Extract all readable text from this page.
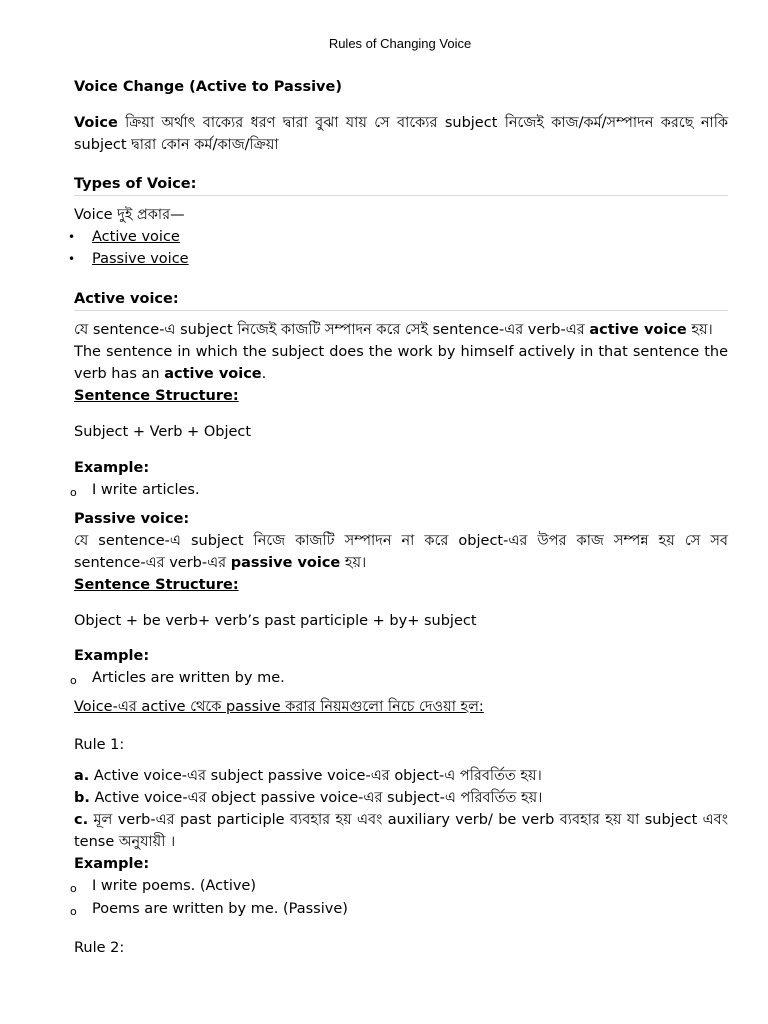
Rules of Changing Voice
Voice Change (Active to Passive)
Voice ক্রিয়া অর্থাৎ বাক্যের ধরণ দ্বারা বুঝা যায় সে বাক্যের subject নিজেই কাজ/কর্ম/সম্পাদন করছে নাকি subject দ্বারা কোন কর্ম/কাজ/ক্রিয়া
Types of Voice:
Voice দুই প্রকার—
• Active voice
• Passive voice
Active voice:
যে sentence-এ subject নিজেই কাজটি সম্পাদন করে সেই sentence-এর verb-এর active voice হয়।
The sentence in which the subject does the work by himself actively in that sentence the verb has an active voice.
Sentence Structure:
Subject + Verb + Object
Example:
o I write articles.
Passive voice:
যে sentence-এ subject নিজে কাজটি সম্পাদন না করে object-এর উপর কাজ সম্পন্ন হয় সে সব sentence-এর verb-এর passive voice হয়।
Sentence Structure:
Object + be verb+ verb’s past participle + by+ subject
Example:
o Articles are written by me.
Voice-এর active থেকে passive করার নিয়মগুলো নিচে দেওয়া হল:
Rule 1:
a. Active voice-এর subject passive voice-এর object-এ পরিবর্তিত হয়।
b. Active voice-এর object passive voice-এর subject-এ পরিবর্তিত হয়।
c. মূল verb-এর past participle ব্যবহার হয় এবং auxiliary verb/ be verb ব্যবহার হয় যা subject এবং tense অনুযায়ী ।
Example:
o I write poems. (Active)
o Poems are written by me. (Passive)
Rule 2:
